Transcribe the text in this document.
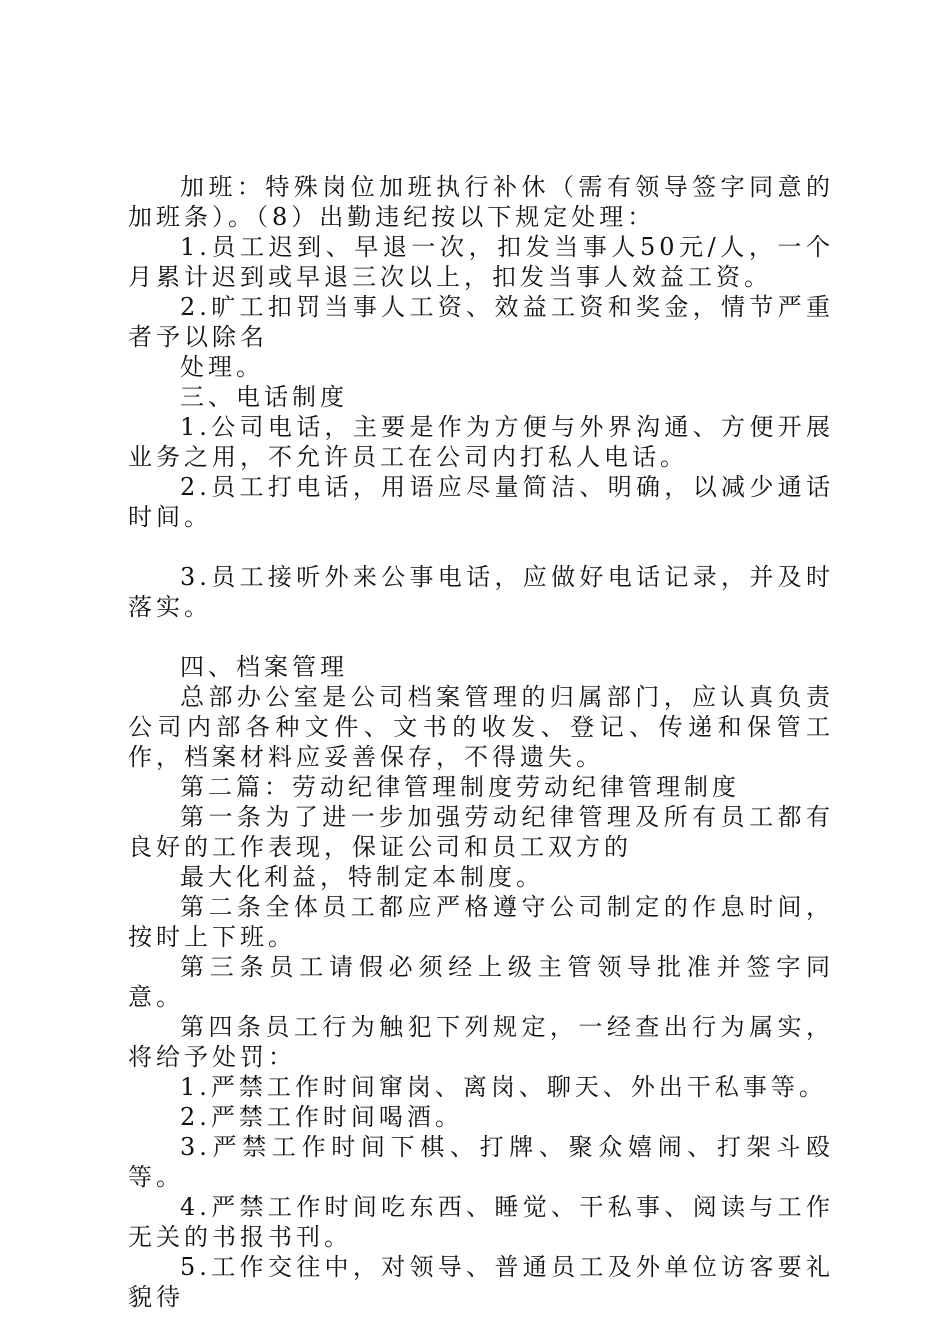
加班：特殊岗位加班执行补休（需有领导签字同意的加班条）。（8）出勤违纪按以下规定处理：

1.员工迟到、早退一次，扣发当事人50元/人，一个月累计迟到或早退三次以上，扣发当事人效益工资。

2.旷工扣罚当事人工资、效益工资和奖金，情节严重者予以除名

处理。

三、电话制度

1.公司电话，主要是作为方便与外界沟通、方便开展业务之用，不允许员工在公司内打私人电话。

2.员工打电话，用语应尽量简洁、明确，以减少通话时间。

3.员工接听外来公事电话，应做好电话记录，并及时落实。

四、档案管理

总部办公室是公司档案管理的归属部门，应认真负责公司内部各种文件、文书的收发、登记、传递和保管工作，档案材料应妥善保存，不得遗失。

第二篇：劳动纪律管理制度劳动纪律管理制度

第一条为了进一步加强劳动纪律管理及所有员工都有良好的工作表现，保证公司和员工双方的

最大化利益，特制定本制度。

第二条全体员工都应严格遵守公司制定的作息时间，按时上下班。

第三条员工请假必须经上级主管领导批准并签字同意。

第四条员工行为触犯下列规定，一经查出行为属实，将给予处罚：

1.严禁工作时间窜岗、离岗、聊天、外出干私事等。

2.严禁工作时间喝酒。

3.严禁工作时间下棋、打牌、聚众嬉闹、打架斗殴等。

4.严禁工作时间吃东西、睡觉、干私事、阅读与工作无关的书报书刊。

5.工作交往中，对领导、普通员工及外单位访客要礼貌待
